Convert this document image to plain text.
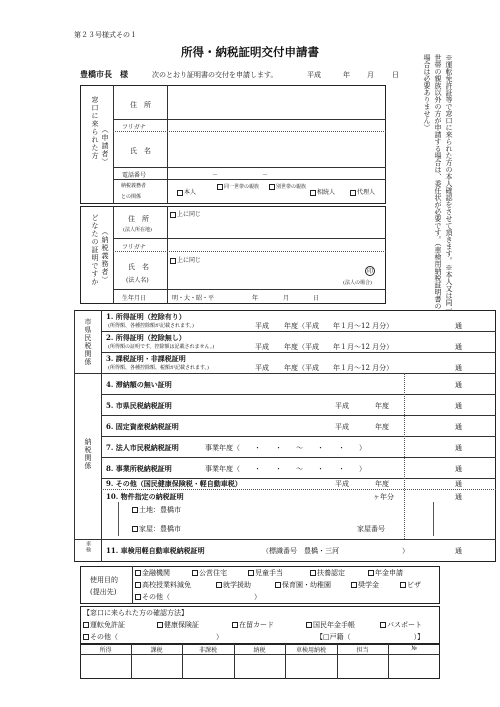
第２３号様式その１
所得・納税証明交付申請書
豊橋市長　様	次のとおり証明書の交付を申請します。	平成	年 月	日	※運転免許証等で窓口に来られた方の本人確認をさせて頂きます。※本人又は同一世帯の親族以外の方が申請する場合は、委任状が必要です。（車検用納税証明書の場合は必要ありません）
窓口に来られた方 （申請者）
住　所
フリガナ
氏　名
電話番号	－	－
納税義務者
との関係
本人
同一世帯の親族	別世帯の親族
相続人	代理人
どなたの証明ですか （納税義務者）
住　所
(法人所在地)
上に同じ
フリガナ
氏　名
(法人名)
上に同じ
印
(法人の場合)
生年月日	明・大・昭・平	年	月	日
市県民税関係
納税関係
車検
1. 所得証明（控除有り）
(所得額、各種控除額が記載されます。)	平成 年度（平成　　年１月～12 月分）	通
2. 所得証明（控除無し）
(所得額の証明です。控除額は記載されません。)	平成 年度（平成　　年１月～12 月分）	通
3. 課税証明・非課税証明
(所得額、各種控除額、税額が記載されます。)	平成 年度（平成　　年１月～12 月分）	通
4. 滞納額の無い証明	通
5. 市県民税納税証明	平成	年度	通
6. 固定資産税納税証明	平成	年度	通
7. 法人市民税納税証明	事業年度（　　・　　・　　～　　・　　・　　）	通
8. 事業所税納税証明	事業年度（　　・　　・　　～　　・　　・　　）	通
9. その他（国民健康保険税・軽自動車税）	平成	年度	通
10. 物件指定の納税証明	ヶ年分	通
土地：豊橋市
家屋：豊橋市	家屋番号
11. 車検用軽自動車税納税証明	（標識番号　豊橋・三河　　　　　　　　　）	通
使用目的
(提出先)
金融機関	公営住宅	児童手当	扶養認定	年金申請
高校授業料減免	就学援助	保育園・幼稚園	奨学金	ビザ
その他（　　　　　　　　　　　　）
【窓口に来られた方の確認方法】
運転免許証	健康保険証	在留カード	国民年金手帳	パスポート
その他（　　　　　　　　　　　　　　）	【□戸籍（　　　　　　　　　）】
所得	課税	非課税	納税	車検用納税	担当	№
